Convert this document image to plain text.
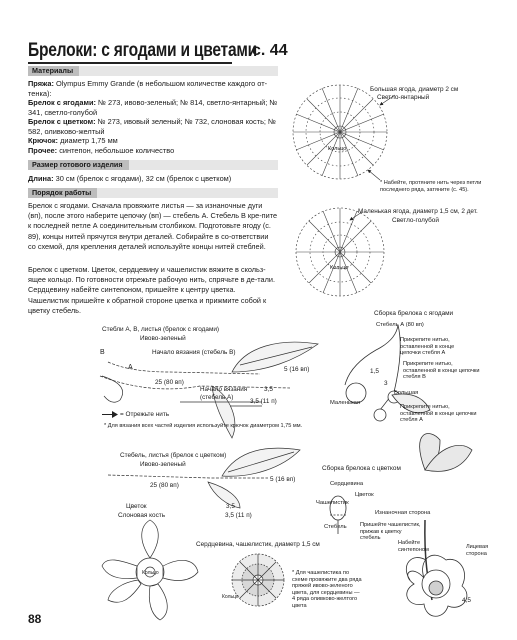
Брелоки: с ягодами и цветами
с. 44
Материалы
Пряжа: Olympus Emmy Grande (в небольшом количестве каждого от-тенка):
Брелок с ягодами: № 273, ивово-зеленый; № 814, светло-янтарный; № 341, светло-голубой
Брелок с цветком: № 273, ивовый зеленый; № 732, слоновая кость; № 582, оливково-желтый
Крючок: диаметр 1,75 мм
Прочее: синтепон, небольшое количество
Размер готового изделия
Длина: 30 см (брелок с ягодами), 32 см (брелок с цветком)
Порядок работы
Брелок с ягодами. Сначала провяжите листья — за изнаночные дуги (вп), после этого наберите цепочку (вп) — стебель А. Стебель В кре-пите к последней петле А соединительным столбиком. Подготовьте ягоду (с. 89), концы нитей прячутся внутри деталей. Собирайте в со-ответствии со схемой, для крепления деталей используйте концы нитей стеблей.
Брелок с цветком. Цветок, сердцевину и чашелистик вяжите в скольз-ящее кольцо. По готовности отрежьте рабочую нить, спрячьте в де-тали. Сердцевину набейте синтепоном, пришейте к центру цветка. Чашелистик пришейте к обратной стороне цветка и прижмите собой к цветку стебель.
Большая ягода, диаметр 2 см
Светло-янтарный
Кольцо
* Набейте, протяните нить через петли последнего ряда, затяните (с. 45).
Маленькая ягода, диаметр 1,5 см, 2 дет.
Светло-голубой
Кольцо
Стебли А, В, листья (брелок с ягодами)
Ивово-зеленый
Начало вязания (стебель В)
В
А
25 (80 вп)
5 (16 вп)
Начало вязания (стебель А)
3,5
3,5 (11 п)
= Отрежьте нить
* Для вязания всех частей изделия используйте крючок диаметром 1,75 мм.
Сборка брелока с ягодами
Стебель А (80 вп)
Прикрепите нитью, оставленной в конце цепочки стебля А
Прикрепите нитью, оставленной в конце цепочки стебля В
Прикрепите нитью, оставленной в конце цепочки стебля А
1,5
3
Большая
Маленькая
Стебель, листья (брелок с цветком)
Ивово-зеленый
25 (80 вп)
5 (16 вп)
3,5
3,5 (11 п)
Цветок
Слоновая кость
Кольцо
Сердцевина, чашелистик, диаметр 1,5 см
Кольцо
* Для чашелистика по схеме провяжите два ряда пряжей ивово-зеленого цвета, для сердцевины — 4 ряда оливково-желтого цвета
Сборка брелока с цветком
Сердцевина
Цветок
Чашелистик
Стебель
Изнаночная сторона
Пришейте чашелистик, прижав к цветку стебель
Набейте синтепоном	Лицевая сторона
4,5
88
